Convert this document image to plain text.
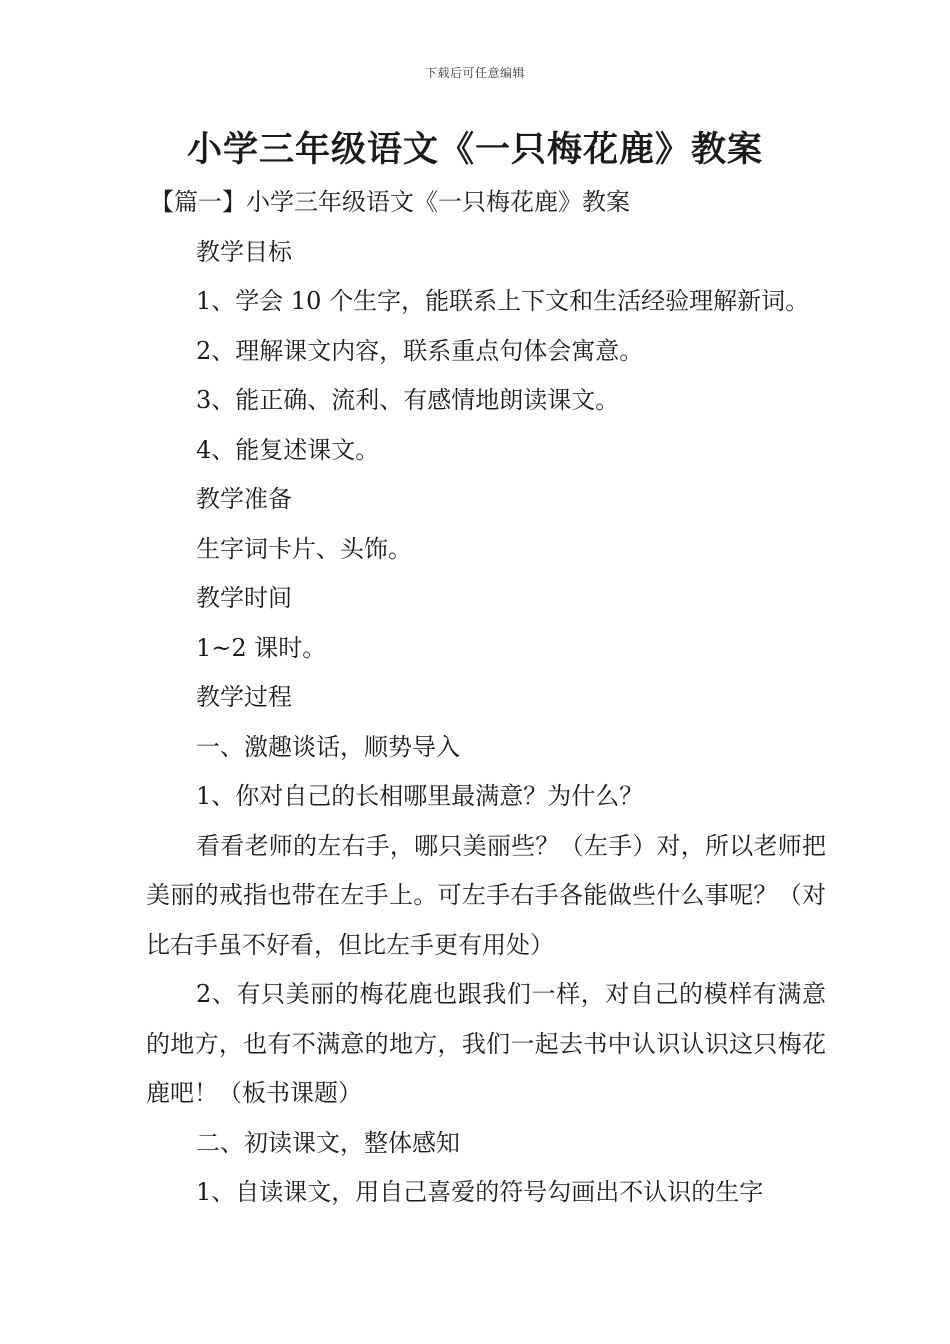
下载后可任意编辑
小学三年级语文《一只梅花鹿》教案

【篇一】小学三年级语文《一只梅花鹿》教案

教学目标

1、学会 10 个生字，能联系上下文和生活经验理解新词。

2、理解课文内容，联系重点句体会寓意。

3、能正确、流利、有感情地朗读课文。

4、能复述课文。

教学准备

生字词卡片、头饰。

教学时间

1~2 课时。

教学过程

一、激趣谈话，顺势导入

1、你对自己的长相哪里最满意？为什么？

看看老师的左右手，哪只美丽些？（左手）对，所以老师把美丽的戒指也带在左手上。可左手右手各能做些什么事呢？（对比右手虽不好看，但比左手更有用处）

2、有只美丽的梅花鹿也跟我们一样，对自己的模样有满意的地方，也有不满意的地方，我们一起去书中认识认识这只梅花鹿吧！（板书课题）

二、初读课文，整体感知

1、自读课文，用自己喜爱的符号勾画出不认识的生字
